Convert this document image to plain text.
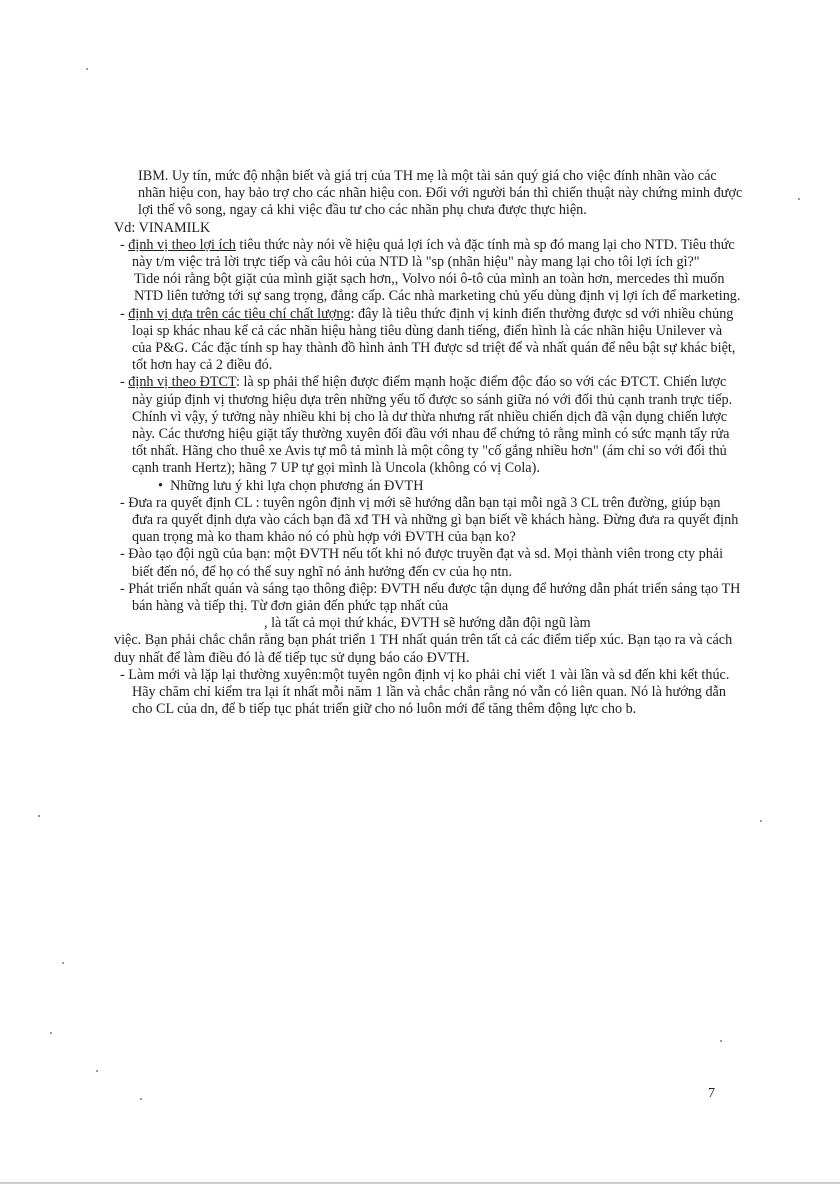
IBM. Uy tín, mức độ nhận biết và giá trị của TH mẹ là một tài sản quý giá cho việc đính nhãn vào các nhãn hiệu con, hay bảo trợ cho các nhãn hiệu con. Đối với người bán thì chiến thuật này chứng minh được lợi thế vô song, ngay cả khi việc đầu tư cho các nhãn phụ chưa được thực hiện.

Vd: VINAMILK

- định vị theo lợi ích tiêu thức này nói về hiệu quả lợi ích và đặc tính mà sp đó mang lại cho NTD. Tiêu thức này t/m việc trả lời trực tiếp và câu hỏi của NTD là "sp (nhãn hiệu" này mang lại cho tôi lợi ích gì?"

Tide nói rằng bột giặt của mình giặt sạch hơn,, Volvo nói ô-tô của mình an toàn hơn, mercedes thì muốn NTD liên tưởng tới sự sang trọng, đẳng cấp. Các nhà marketing chủ yếu dùng định vị lợi ích để marketing.

- định vị dựa trên các tiêu chí chất lượng: đây là tiêu thức định vị kinh điển thường được sd với nhiều chủng loại sp khác nhau kể cả các nhãn hiệu hàng tiêu dùng danh tiếng, điển hình là các nhãn hiệu Unilever và của P&G. Các đặc tính sp hay thành đồ hình ảnh TH được sd triệt để và nhất quán để nêu bật sự khác biệt, tốt hơn hay cả 2 điều đó.

- định vị theo ĐTCT: là sp phải thể hiện được điểm mạnh hoặc điểm độc đáo so với các ĐTCT. Chiến lược này giúp định vị thương hiệu dựa trên những yếu tố được so sánh giữa nó với đối thủ cạnh tranh trực tiếp. Chính vì vậy, ý tưởng này nhiều khi bị cho là dư thừa nhưng rất nhiều chiến dịch đã vận dụng chiến lược này. Các thương hiệu giặt tẩy thường xuyên đối đầu với nhau để chứng tỏ rằng mình có sức mạnh tẩy rửa tốt nhất. Hãng cho thuê xe Avis tự mô tả mình là một công ty "cố gắng nhiều hơn" (ám chỉ so với đối thủ cạnh tranh Hertz); hãng 7 UP tự gọi mình là Uncola (không có vị Cola).

•  Những lưu ý khi lựa chọn phương án ĐVTH

- Đưa ra quyết định CL : tuyên ngôn định vị mới sẽ hướng dẫn bạn tại mỗi ngã 3 CL trên đường, giúp bạn đưa ra quyết định dựa vào cách bạn đã xđ TH và những gì bạn biết về khách hàng. Đừng đưa ra quyết định quan trọng mà ko tham khảo nó có phù hợp với ĐVTH của bạn ko?

- Đào tạo đội ngũ của bạn: một ĐVTH nếu tốt khi nó được truyền đạt và sd. Mọi thành viên trong cty phải biết đến nó, để họ có thể suy nghĩ nó ảnh hưởng đến cv của họ ntn.

- Phát triển nhất quán và sáng tạo thông điệp: ĐVTH nếu được tận dụng để hướng dẫn phát triển sáng tạo TH bán hàng và tiếp thị. Từ đơn giản đến phức tạp nhất của

, là tất cả mọi thứ khác, ĐVTH sẽ hướng dẫn đội ngũ làm

việc. Bạn phải chắc chắn rằng bạn phát triển 1 TH nhất quán trên tất cả các điểm tiếp xúc. Bạn tạo ra và cách duy nhất để làm điều đó là để tiếp tục sử dụng báo cáo ĐVTH.

- Làm mới và lặp lại thường xuyên:một tuyên ngôn định vị ko phải chỉ viết 1 vài lần và sd đến khi kết thúc. Hãy chăm chỉ kiểm tra lại ít nhất mỗi năm 1 lần và chắc chắn rằng nó vẫn có liên quan. Nó là hướng dẫn cho CL của dn, để b tiếp tục phát triển giữ cho nó luôn mới để tăng thêm động lực cho b.

7
